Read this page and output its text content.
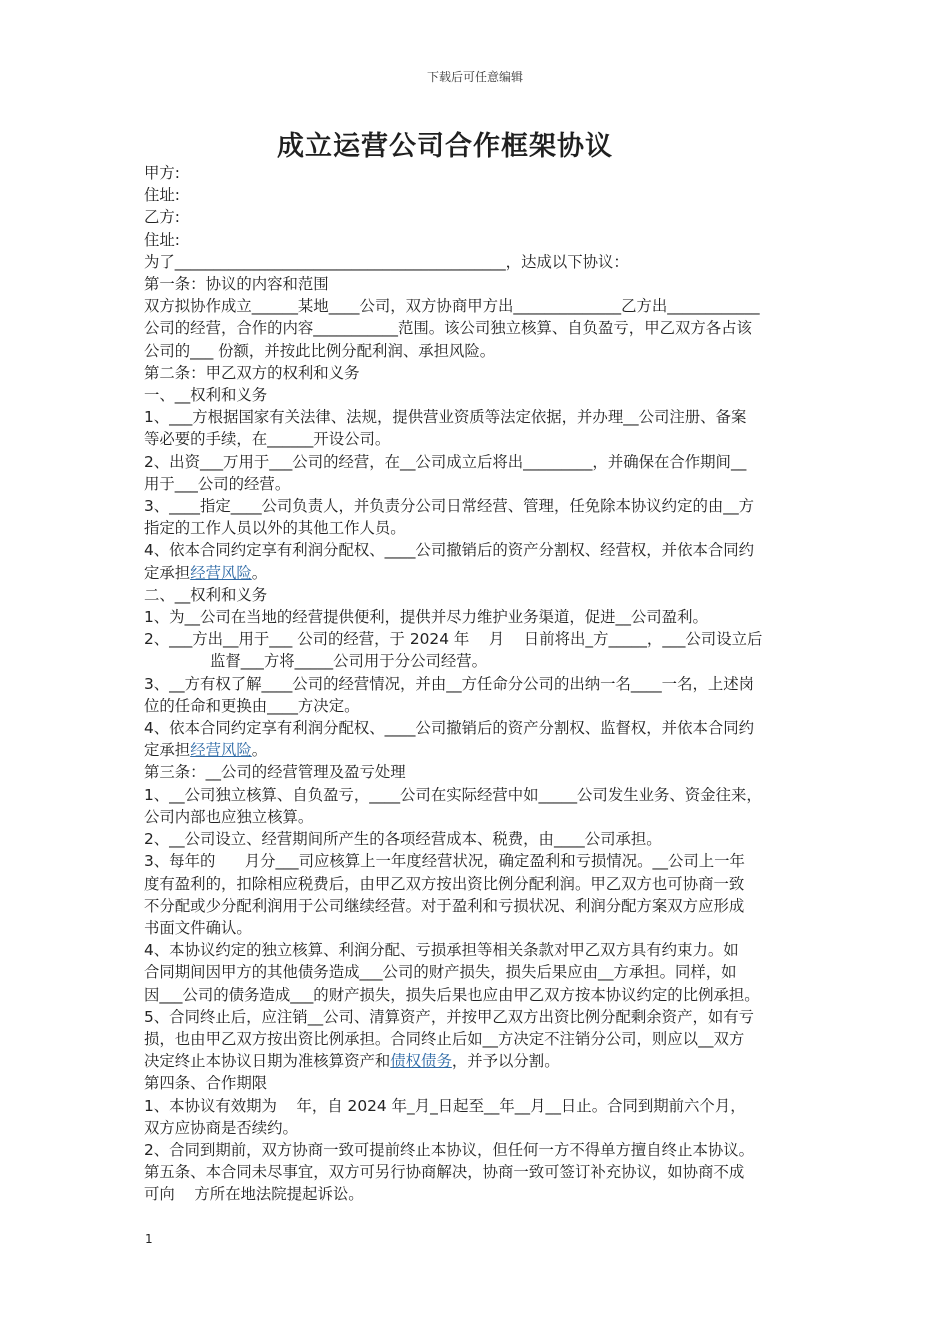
下载后可任意编辑
成立运营公司合作框架协议
甲方:
住址:
乙方:
住址:
为了___________________________________________，达成以下协议：
第一条：协议的内容和范围
双方拟协作成立______某地____公司，双方协商甲方出______________乙方出____________
公司的经营，合作的内容___________范围。该公司独立核算、自负盈亏，甲乙双方各占该
公司的___ 份额，并按此比例分配利润、承担风险。
第二条：甲乙双方的权利和义务
一、__权利和义务
1、___方根据国家有关法律、法规，提供营业资质等法定依据，并办理__公司注册、备案
等必要的手续，在______开设公司。
2、出资___万用于___公司的经营，在__公司成立后将出_________，并确保在合作期间__
用于___公司的经营。
3、____指定____公司负责人，并负责分公司日常经营、管理，任免除本协议约定的由__方
指定的工作人员以外的其他工作人员。
4、依本合同约定享有利润分配权、____公司撤销后的资产分割权、经营权，并依本合同约
定承担经营风险。
二、__权利和义务
1、为__公司在当地的经营提供便利，提供并尽力维护业务渠道，促进__公司盈利。
2、___方出__用于___ 公司的经营，于 2024 年    月    日前将出_方_____，___公司设立后
监督___方将_____公司用于分公司经营。
3、__方有权了解____公司的经营情况，并由__方任命分公司的出纳一名____一名，上述岗
位的任命和更换由____方决定。
4、依本合同约定享有利润分配权、____公司撤销后的资产分割权、监督权，并依本合同约
定承担经营风险。
第三条：__公司的经营管理及盈亏处理
1、__公司独立核算、自负盈亏，____公司在实际经营中如_____公司发生业务、资金往来，
公司内部也应独立核算。
2、__公司设立、经营期间所产生的各项经营成本、税费，由____公司承担。
3、每年的      月分___司应核算上一年度经营状况，确定盈利和亏损情况。__公司上一年
度有盈利的，扣除相应税费后，由甲乙双方按出资比例分配利润。甲乙双方也可协商一致
不分配或少分配利润用于公司继续经营。对于盈利和亏损状况、利润分配方案双方应形成
书面文件确认。
4、本协议约定的独立核算、利润分配、亏损承担等相关条款对甲乙双方具有约束力。如
合同期间因甲方的其他债务造成___公司的财产损失，损失后果应由__方承担。同样，如
因___公司的债务造成___的财产损失，损失后果也应由甲乙双方按本协议约定的比例承担。
5、合同终止后，应注销__公司、清算资产，并按甲乙双方出资比例分配剩余资产，如有亏
损，也由甲乙双方按出资比例承担。合同终止后如__方决定不注销分公司，则应以__双方
决定终止本协议日期为准核算资产和债权债务，并予以分割。
第四条、合作期限
1、本协议有效期为    年，自 2024 年_月_日起至__年__月__日止。合同到期前六个月，
双方应协商是否续约。
2、合同到期前，双方协商一致可提前终止本协议，但任何一方不得单方擅自终止本协议。
第五条、本合同未尽事宜，双方可另行协商解决，协商一致可签订补充协议，如协商不成
可向    方所在地法院提起诉讼。
1
